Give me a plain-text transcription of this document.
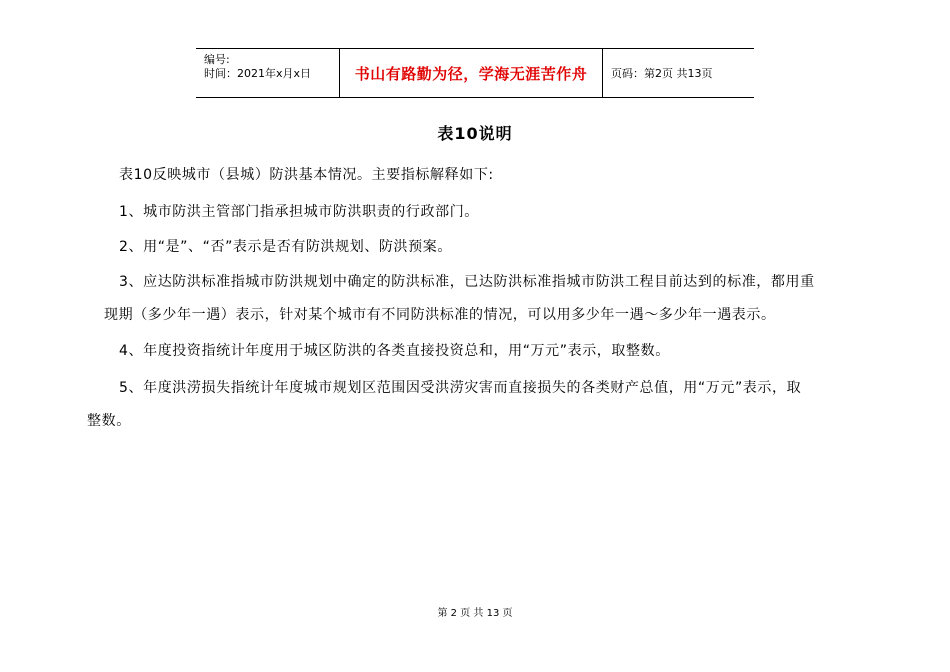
编号:
时间：2021年x月x日	书山有路勤为径，学海无涯苦作舟	页码：第2页 共13页
表10说明
表10反映城市（县城）防洪基本情况。主要指标解释如下:
1、城市防洪主管部门指承担城市防洪职责的行政部门。
2、用“是”、“否”表示是否有防洪规划、防洪预案。
3、应达防洪标准指城市防洪规划中确定的防洪标准，已达防洪标准指城市防洪工程目前达到的标准，都用重
现期（多少年一遇）表示，针对某个城市有不同防洪标准的情况，可以用多少年一遇～多少年一遇表示。
4、年度投资指统计年度用于城区防洪的各类直接投资总和，用“万元”表示，取整数。
5、年度洪涝损失指统计年度城市规划区范围因受洪涝灾害而直接损失的各类财产总值，用“万元”表示，取
整数。
第 2 页 共 13 页
